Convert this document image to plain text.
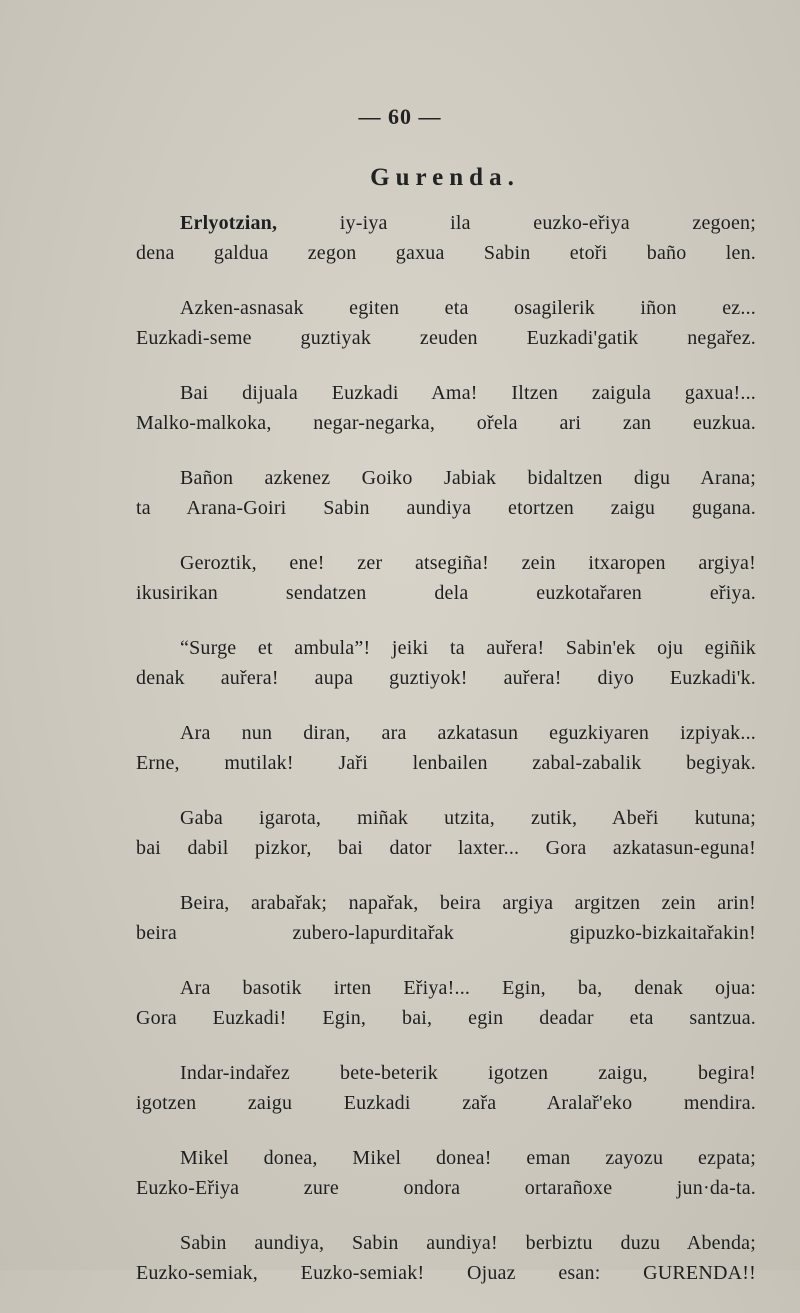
— 60 —
Gurenda.
Erlyotzian,	iy-iya ila euzko-eřiya zegoen;
dena galdua zegon gaxua Sabin etoři baño len.
Azken-asnasak egiten eta osagilerik iñon ez...
Euzkadi-seme guztiyak zeuden Euzkadi'gatik negařez.
Bai dijuala Euzkadi Ama! Iltzen zaigula gaxua!...
Malko-malkoka, negar-negarka, ořela ari zan euzkua.
Bañon azkenez Goiko Jabiak bidaltzen digu Arana;
ta Arana-Goiri Sabin aundiya etortzen zaigu gugana.
Geroztik, ene! zer atsegiña! zein itxaropen argiya!
ikusirikan sendatzen dela euzkotařaren eřiya.
“Surge et ambula”! jeiki ta auřera! Sabin'ek oju egiñik
denak auřera! aupa guztiyok! auřera! diyo Euzkadi'k.
Ara nun diran, ara azkatasun eguzkiyaren izpiyak...
Erne, mutilak! Jaři lenbailen zabal-zabalik begiyak.
Gaba igarota, miñak utzita, zutik, Abeři kutuna;
bai dabil pizkor, bai dator laxter... Gora azkatasun-eguna!
Beira, arabařak; napařak, beira argiya argitzen zein arin!
beira zubero-lapurditařak gipuzko-bizkaitařakin!
Ara basotik irten Eřiya!... Egin, ba, denak ojua:
Gora Euzkadi! Egin, bai, egin deadar eta santzua.
Indar-indařez bete-beterik igotzen zaigu, begira!
igotzen zaigu Euzkadi zařa Aralař'eko mendira.
Mikel donea, Mikel donea! eman zayozu ezpata;
Euzko-Eřiya zure ondora ortarañoxe jun·da-ta.
Sabin aundiya, Sabin aundiya! berbiztu duzu Abenda;
Euzko-semiak, Euzko-semiak! Ojuaz esan: GURENDA!!
